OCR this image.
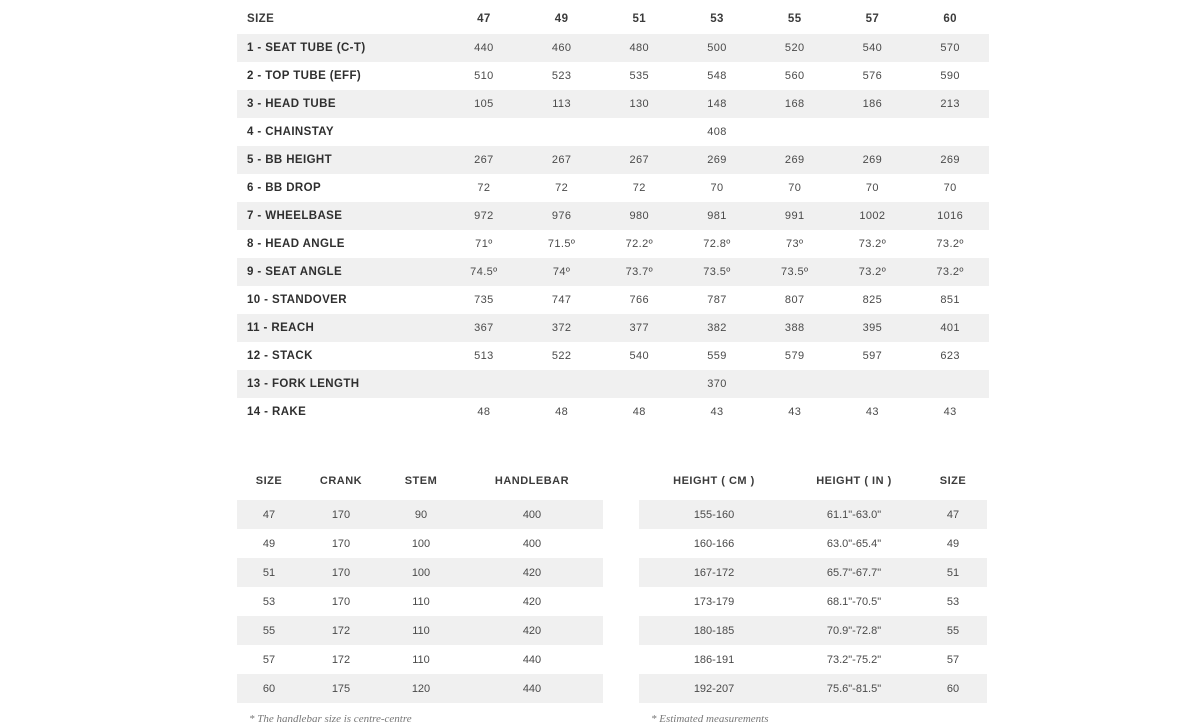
SIZE	47	49	51	53	55	57	60
1 - SEAT TUBE (C-T)	440	460	480	500	520	540	570
2 - TOP TUBE (EFF)	510	523	535	548	560	576	590
3 - HEAD TUBE	105	113	130	148	168	186	213
4 - CHAINSTAY				408			
5 - BB HEIGHT	267	267	267	269	269	269	269
6 - BB DROP	72	72	72	70	70	70	70
7 - WHEELBASE	972	976	980	981	991	1002	1016
8 - HEAD ANGLE	71º	71.5º	72.2º	72.8º	73º	73.2º	73.2º
9 - SEAT ANGLE	74.5º	74º	73.7º	73.5º	73.5º	73.2º	73.2º
10 - STANDOVER	735	747	766	787	807	825	851
11 - REACH	367	372	377	382	388	395	401
12 - STACK	513	522	540	559	579	597	623
13 - FORK LENGTH				370			
14 - RAKE	48	48	48	43	43	43	43
SIZE	CRANK	STEM	HANDLEBAR
47	170	90	400
49	170	100	400
51	170	100	420
53	170	110	420
55	172	110	420
57	172	110	440
60	175	120	440
* The handlebar size is centre-centre
HEIGHT ( CM )	HEIGHT ( IN )	SIZE
155-160	61.1"-63.0"	47
160-166	63.0"-65.4"	49
167-172	65.7"-67.7"	51
173-179	68.1"-70.5"	53
180-185	70.9"-72.8"	55
186-191	73.2"-75.2"	57
192-207	75.6"-81.5"	60
* Estimated measurements
